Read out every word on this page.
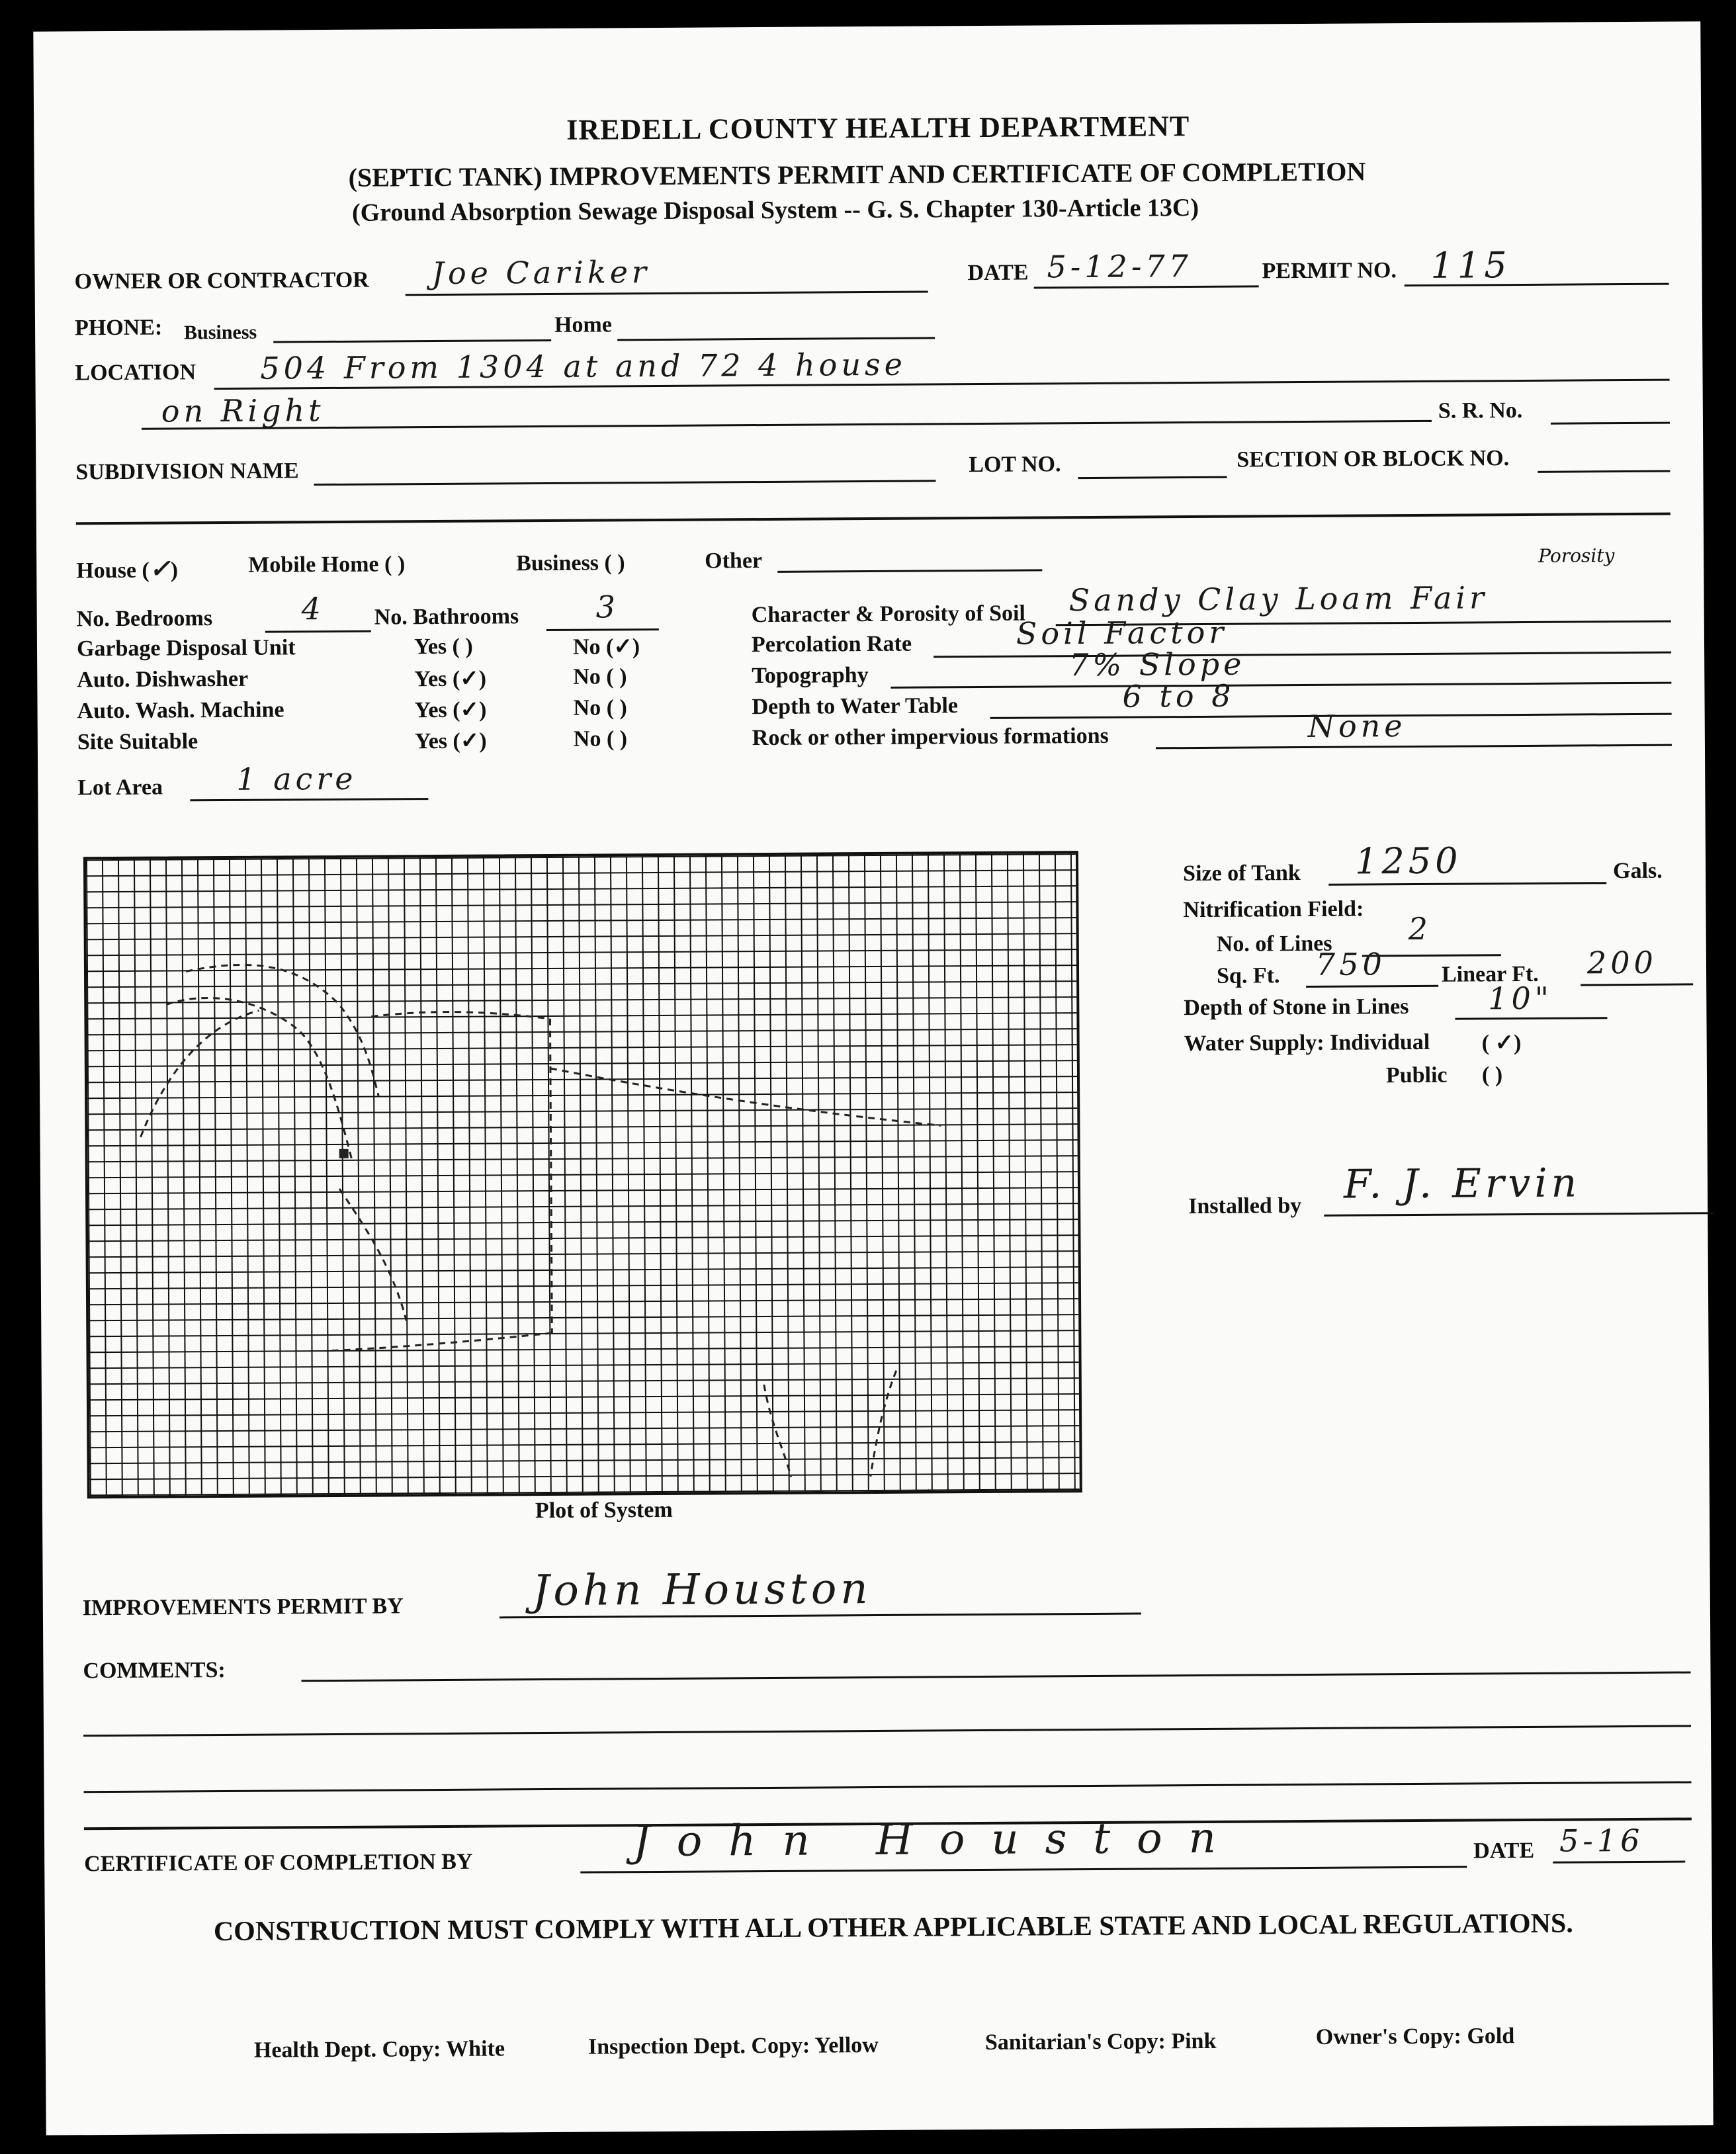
IREDELL COUNTY HEALTH DEPARTMENT
(SEPTIC TANK) IMPROVEMENTS PERMIT AND CERTIFICATE OF COMPLETION
(Ground Absorption Sewage Disposal System -- G. S. Chapter 130-Article 13C)
OWNER OR CONTRACTOR Joe Cariker	DATE 5-12-77	PERMIT NO. 115
PHONE: Business	Home
LOCATION 504 From 1304 at and 72 4 house
on Right	S. R. No.
SUBDIVISION NAME	LOT NO.	SECTION OR BLOCK NO.
House (✓)	Mobile Home ( )	Business ( )	Other
No. Bedrooms	4 No. Bathrooms	3
Garbage Disposal Unit	Yes ( )	No (✓)
Auto. Dishwasher	Yes (✓)	No ( )
Auto. Wash. Machine	Yes (✓)	No ( )
Site Suitable	Yes (✓)	No ( )
Lot Area 1 acre
Porosity
Character & Porosity of Soil Sandy Clay Loam Fair
Percolation Rate	Soil Factor
Topography	7% Slope
Depth to Water Table	6 to 8
Rock or other impervious formations	None
Plot of System
Size of Tank 1250	Gals.
Nitrification Field:
No. of Lines 2
Sq. Ft. 750 Linear Ft. 200
Depth of Stone in Lines	10"
Water Supply: Individual ( ✓)
Public ( )
Installed by F. J. Ervin
IMPROVEMENTS PERMIT BY	John Houston
COMMENTS:
CERTIFICATE OF COMPLETION BY	John Houston	DATE 5-16
CONSTRUCTION MUST COMPLY WITH ALL OTHER APPLICABLE STATE AND LOCAL REGULATIONS.
Health Dept. Copy: White	Inspection Dept. Copy: Yellow	Sanitarian's Copy: Pink	Owner's Copy: Gold
